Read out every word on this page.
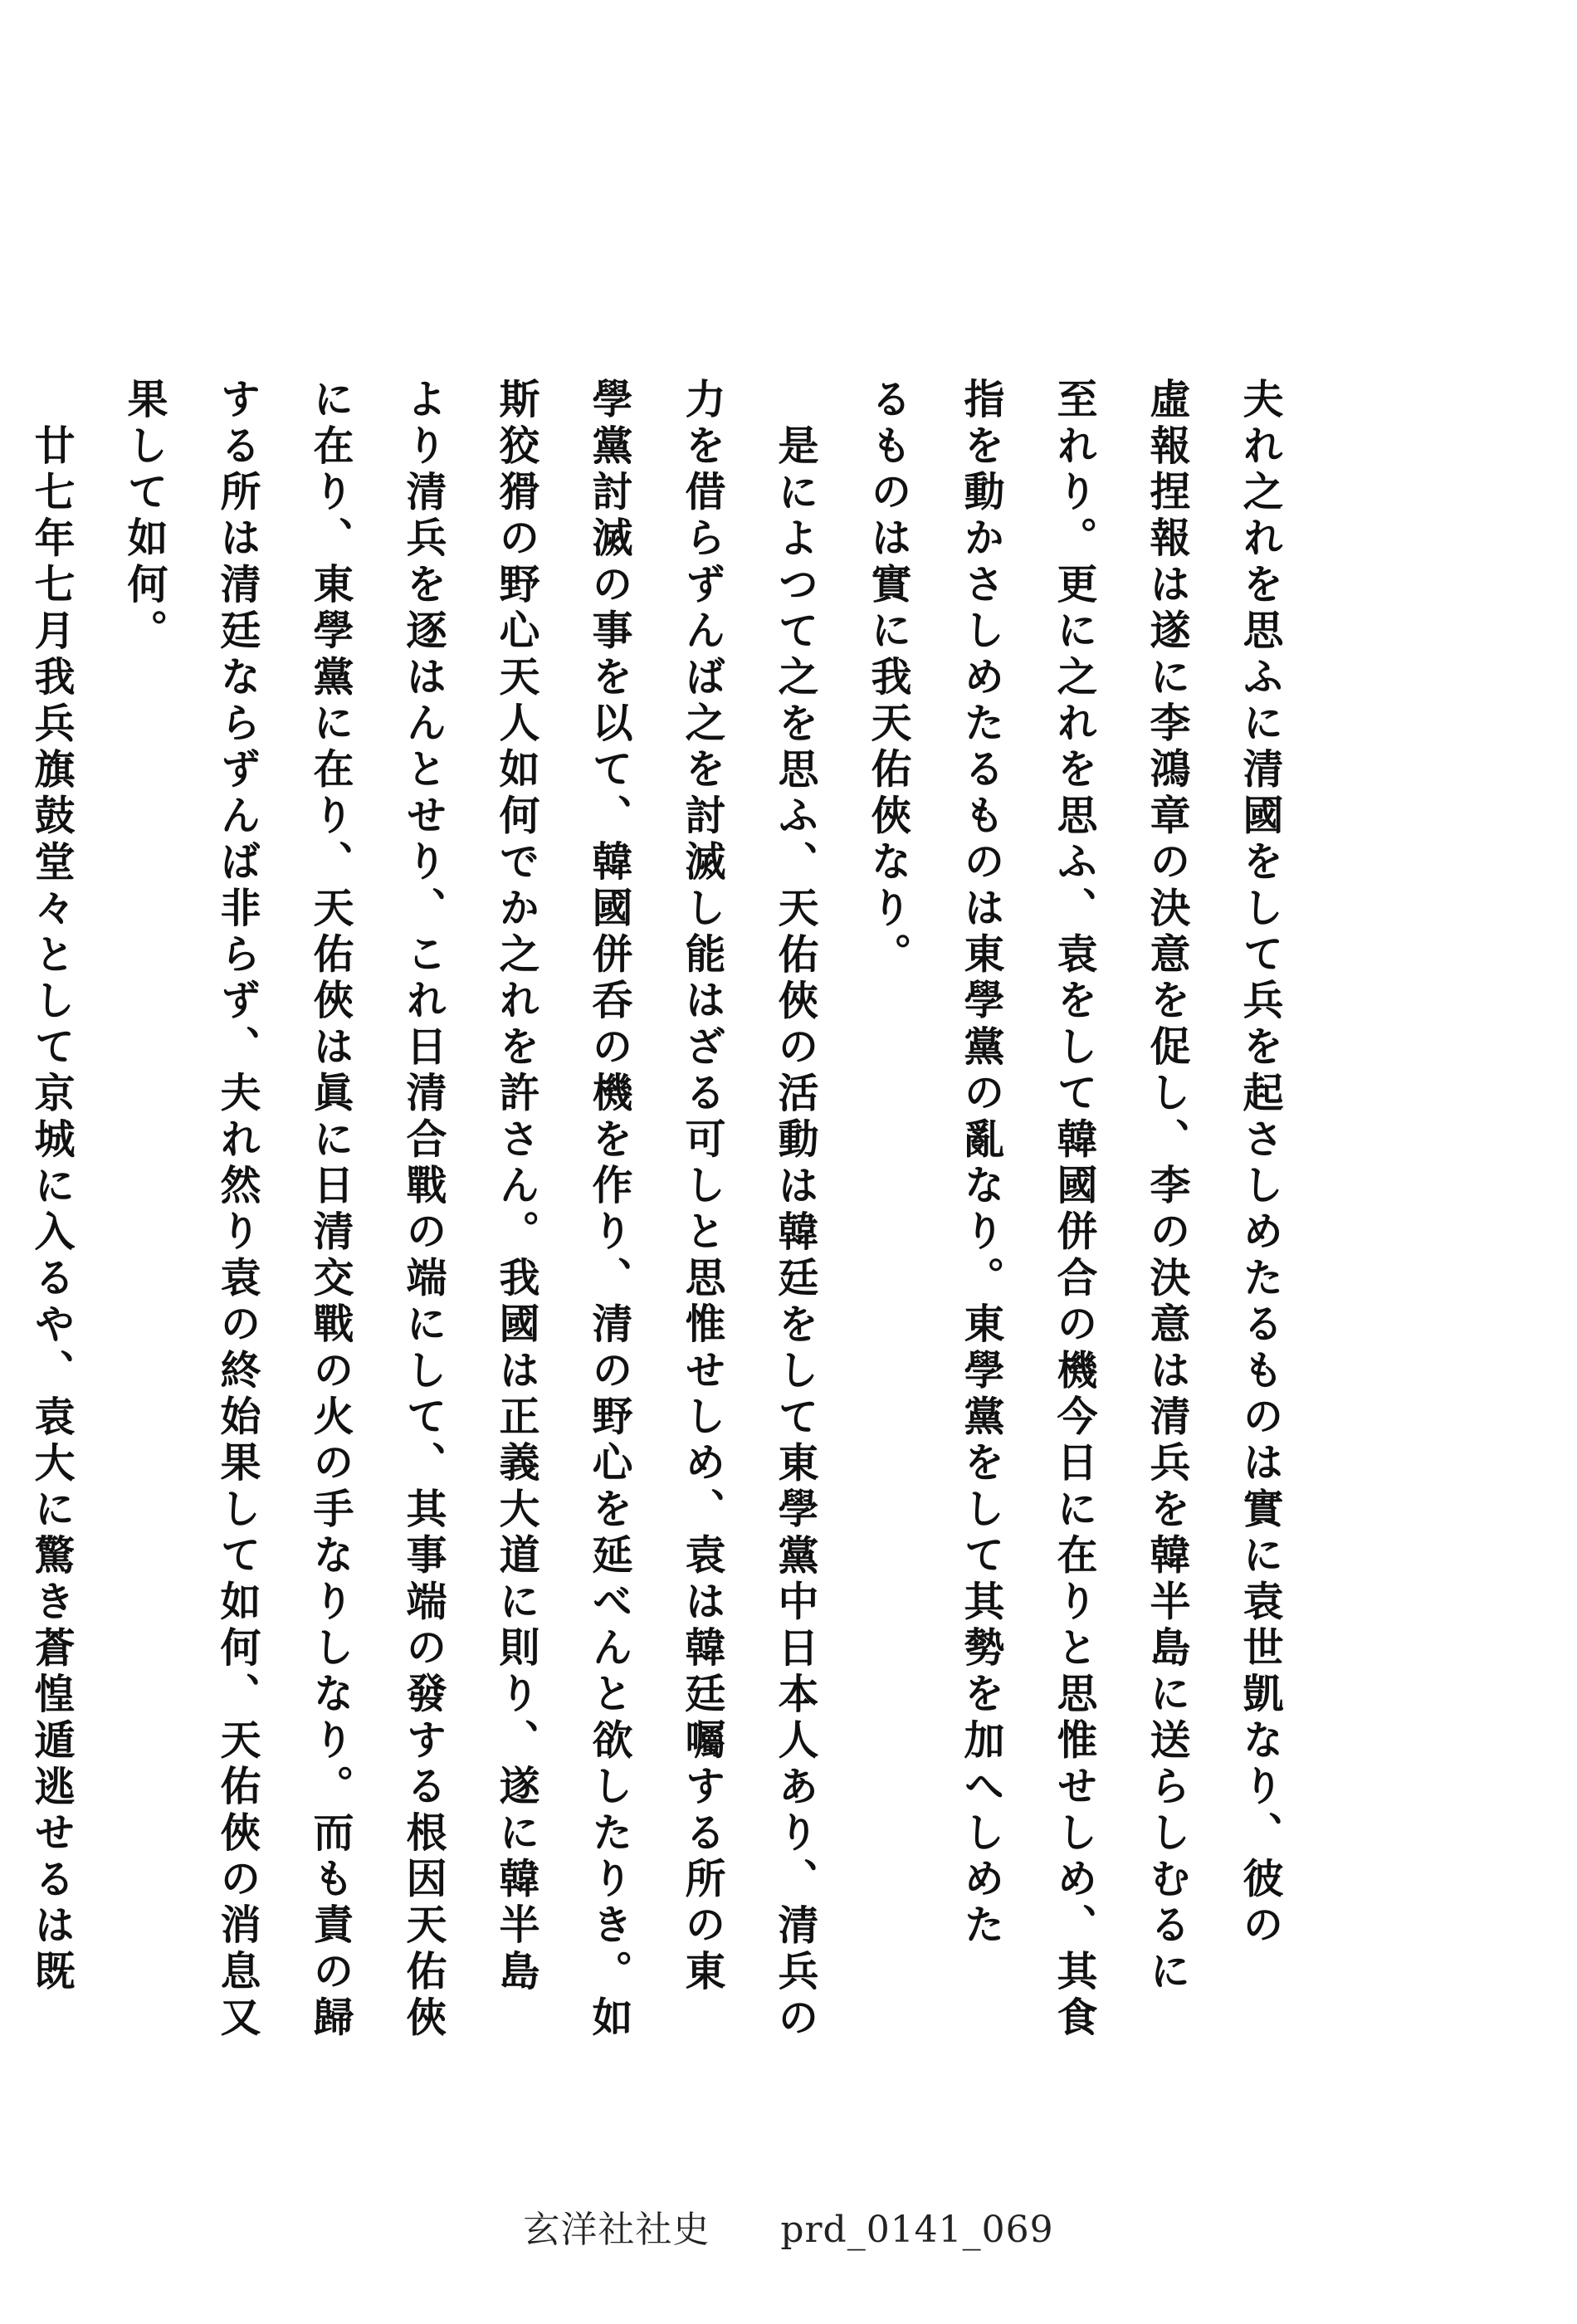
夫れ之れを思ふに清國をして兵を起さしめたるものは實に袁世凱なり、彼の
虛報捏報は遂に李鴻章の決意を促し、李の決意は清兵を韓半島に送らしむるに
至れり。更に之れを思ふ、袁をして韓國併合の機今日に在りと思惟せしめ、其食
指を動かさしめたるものは東學黨の亂なり。東學黨をして其勢を加へしめた
るものは實に我天佑俠なり。
是によつて之を思ふ、天佑俠の活動は韓廷をして東學黨中日本人あり、清兵の
力を借らずんば之を討滅し能はざる可しと思惟せしめ、袁は韓廷囑する所の東
學黨討滅の事を以て、韓國併呑の機を作り、清の野心を延べんと欲したりき。如
斯狡猾の野心天人如何でか之れを許さん。我國は正義大道に則り、遂に韓半島
より清兵を逐はんとせり、これ日清合戰の端にして、其事端の發する根因天佑俠
に在り、東學黨に在り、天佑俠は眞に日清交戰の火の手なりしなり。而も責の歸
する所は清廷ならずんば非らず、夫れ然り袁の終始果して如何、天佑俠の消息又
果して如何。
廿七年七月我兵旗鼓堂々として京城に入るや、袁大に驚き蒼惶遁逃せるは既
玄洋社社史 prd_0141_069
